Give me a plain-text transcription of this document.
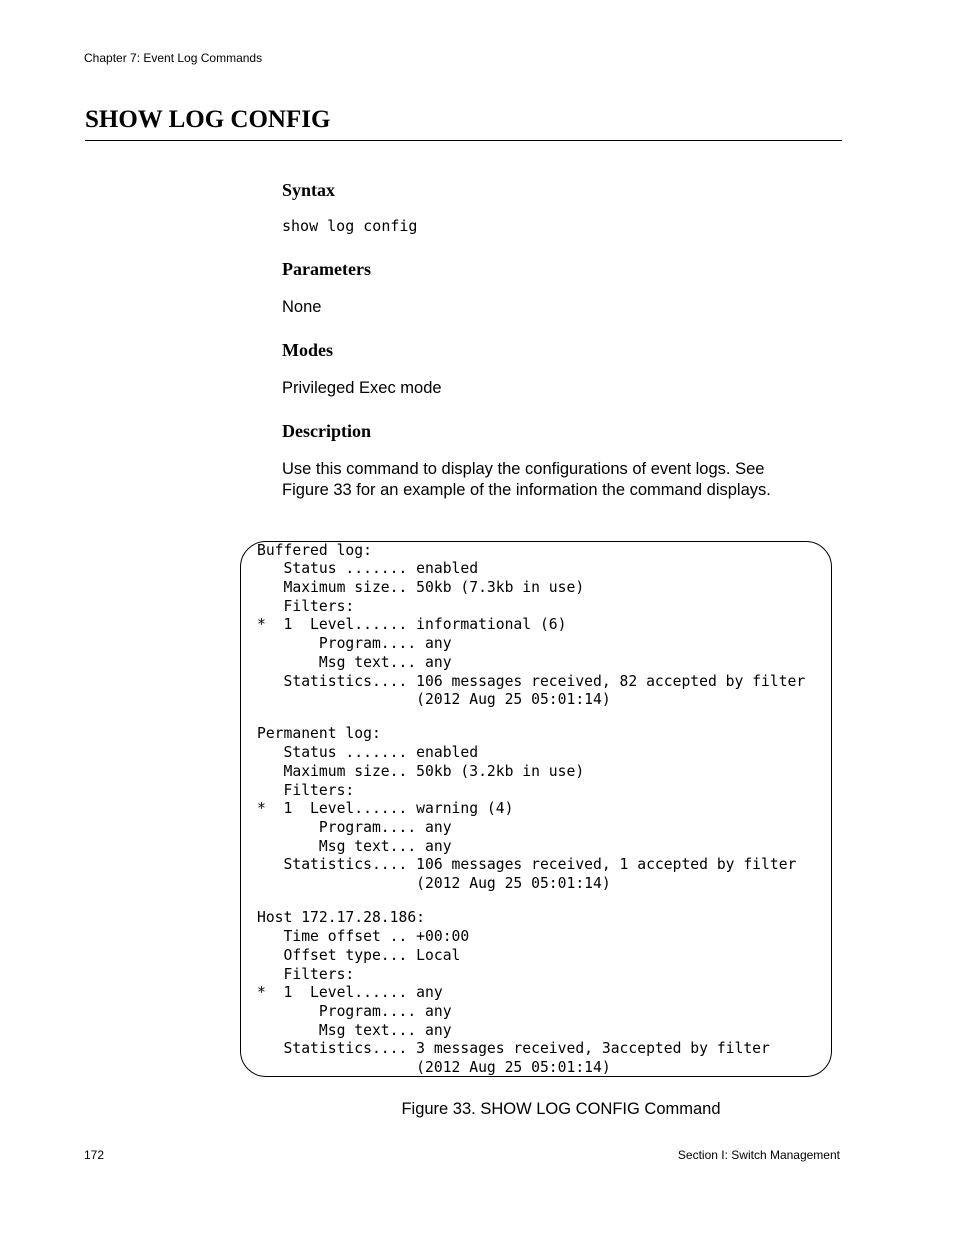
Chapter 7: Event Log Commands
SHOW LOG CONFIG
Syntax
show log config
Parameters
None
Modes
Privileged Exec mode
Description
Use this command to display the configurations of event logs. See
Figure 33 for an example of the information the command displays.
Buffered log:
Status ....... enabled
Maximum size.. 50kb (7.3kb in use)
Filters:
*  1  Level...... informational (6)
Program.... any
Msg text... any
Statistics.... 106 messages received, 82 accepted by filter
(2012 Aug 25 05:01:14)
Permanent log:
Status ....... enabled
Maximum size.. 50kb (3.2kb in use)
Filters:
*  1  Level...... warning (4)
Program.... any
Msg text... any
Statistics.... 106 messages received, 1 accepted by filter
(2012 Aug 25 05:01:14)
Host 172.17.28.186:
Time offset .. +00:00
Offset type... Local
Filters:
*  1  Level...... any
Program.... any
Msg text... any
Statistics.... 3 messages received, 3accepted by filter
(2012 Aug 25 05:01:14)
Figure 33. SHOW LOG CONFIG Command
172	Section I: Switch Management
